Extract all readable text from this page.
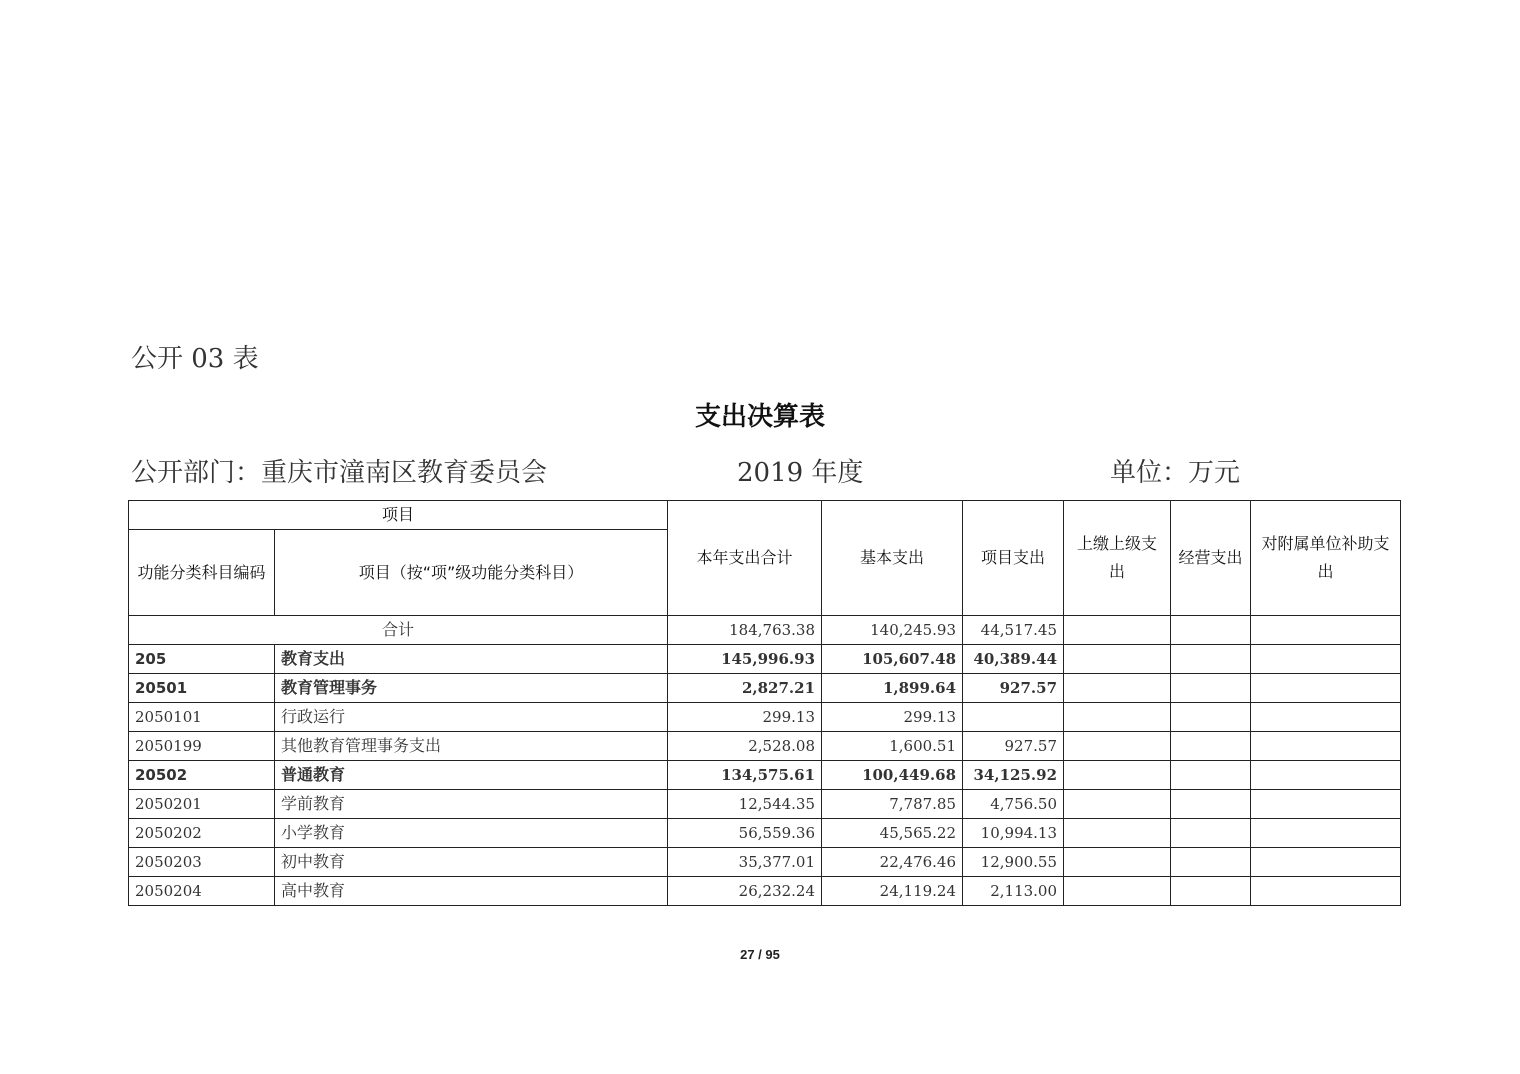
公开 03 表
支出决算表
公开部门：重庆市潼南区教育委员会	2019 年度	单位：万元
项目		本年支出合计	基本支出	项目支出	上缴上级支出	经营支出	对附属单位补助支出
功能分类科目编码	项目（按“项”级功能分类科目）						
合计		184,763.38	140,245.93	44,517.45			
205	教育支出	145,996.93	105,607.48	40,389.44			
20501	教育管理事务	2,827.21	1,899.64	927.57			
2050101	行政运行	299.13	299.13				
2050199	其他教育管理事务支出	2,528.08	1,600.51	927.57			
20502	普通教育	134,575.61	100,449.68	34,125.92			
2050201	学前教育	12,544.35	7,787.85	4,756.50			
2050202	小学教育	56,559.36	45,565.22	10,994.13			
2050203	初中教育	35,377.01	22,476.46	12,900.55			
2050204	高中教育	26,232.24	24,119.24	2,113.00			
27 / 95
